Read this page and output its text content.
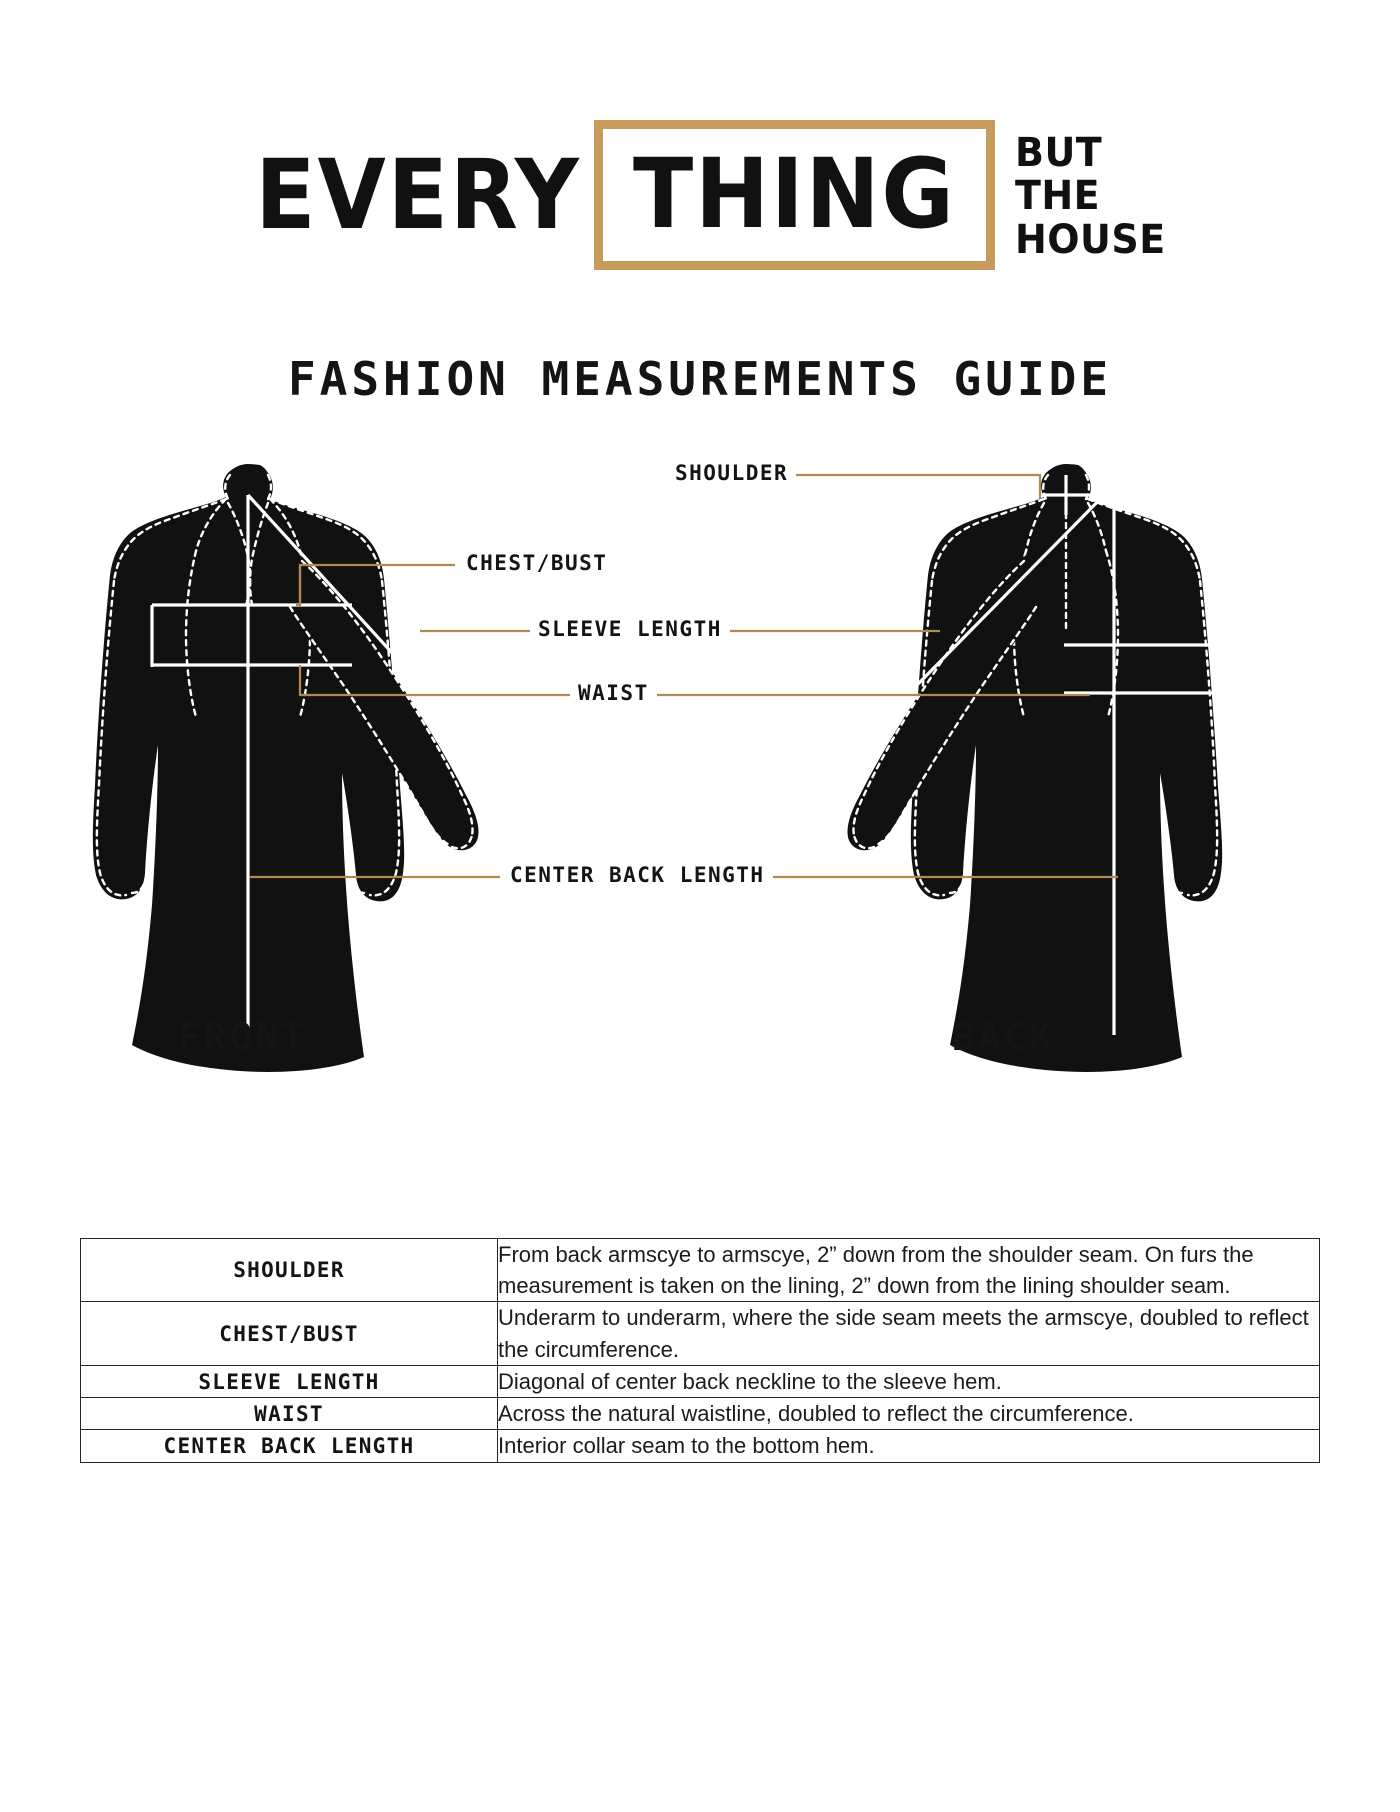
EVERY THING BUT
THE
HOUSE
FASHION MEASUREMENTS GUIDE
SHOULDER
CHEST/BUST
SLEEVE LENGTH
WAIST
CENTER BACK LENGTH
FRONT	BACK
SHOULDER	From back armscye to armscye, 2” down from the shoulder seam. On furs the measurement is taken on the lining, 2” down from the lining shoulder seam.
CHEST/BUST	Underarm to underarm, where the side seam meets the armscye, doubled to reflect the circumference.
SLEEVE LENGTH	Diagonal of center back neckline to the sleeve hem.
WAIST	Across the natural waistline, doubled to reflect the circumference.
CENTER BACK LENGTH	Interior collar seam to the bottom hem.
